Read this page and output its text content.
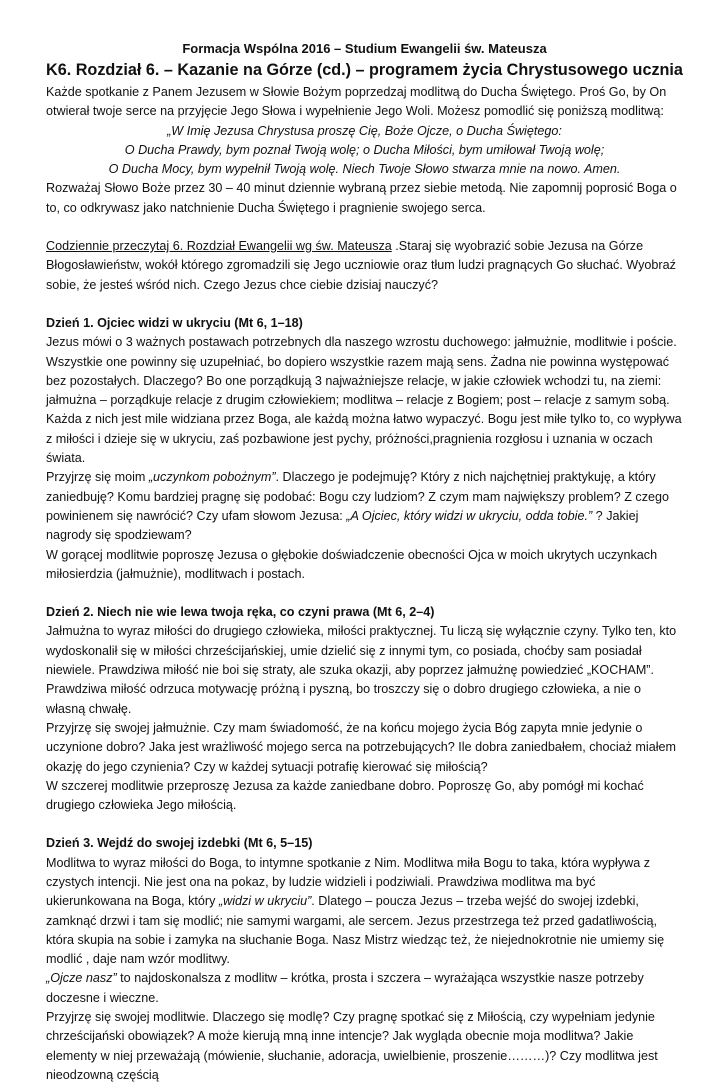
Formacja Wspólna 2016 – Studium Ewangelii św. Mateusza

K6. Rozdział 6. – Kazanie na Górze (cd.) – programem życia Chrystusowego ucznia

Każde spotkanie z Panem Jezusem w Słowie Bożym poprzedzaj modlitwą do Ducha Świętego. Proś Go, by On otwierał twoje serce na przyjęcie Jego Słowa i wypełnienie Jego Woli. Możesz pomodlić się poniższą modlitwą:

„W Imię Jezusa Chrystusa proszę Cię, Boże Ojcze, o Ducha Świętego:

O Ducha Prawdy, bym poznał Twoją wolę; o Ducha Miłości, bym umiłował Twoją wolę;

O Ducha Mocy, bym wypełnił Twoją wolę. Niech Twoje Słowo stwarza mnie na nowo. Amen.

Rozważaj Słowo Boże przez 30 – 40 minut dziennie wybraną przez siebie metodą. Nie zapomnij poprosić Boga o to, co odkrywasz jako natchnienie Ducha Świętego i pragnienie swojego serca.

Codziennie przeczytaj 6. Rozdział Ewangelii wg św. Mateusza .Staraj się wyobrazić sobie Jezusa na Górze Błogosławieństw, wokół którego zgromadzili się Jego uczniowie oraz tłum ludzi pragnących Go słuchać. Wyobraź sobie, że jesteś wśród nich. Czego Jezus chce ciebie dzisiaj nauczyć?

Dzień 1. Ojciec widzi w ukryciu (Mt 6, 1–18)

Jezus mówi o 3 ważnych postawach potrzebnych dla naszego wzrostu duchowego: jałmużnie, modlitwie i poście. Wszystkie one powinny się uzupełniać, bo dopiero wszystkie razem mają sens. Żadna nie powinna występować bez pozostałych. Dlaczego? Bo one porządkują 3 najważniejsze relacje, w jakie człowiek wchodzi tu, na ziemi: jałmużna – porządkuje relacje z drugim człowiekiem; modlitwa – relacje z Bogiem; post – relacje z samym sobą. Każda z nich jest mile widziana przez Boga, ale każdą można łatwo wypaczyć. Bogu jest miłe tylko to, co wypływa z miłości i dzieje się w ukryciu, zaś pozbawione jest pychy, próżności,pragnienia rozgłosu i uznania w oczach świata.

Przyjrzę się moim „uczynkom pobożnym”. Dlaczego je podejmuję? Który z nich najchętniej praktykuję, a który zaniedbuję? Komu bardziej pragnę się podobać: Bogu czy ludziom? Z czym mam największy problem? Z czego powinienem się nawrócić? Czy ufam słowom Jezusa: „A Ojciec, który widzi w ukryciu, odda tobie.” ? Jakiej nagrody się spodziewam?

W gorącej modlitwie poproszę Jezusa o głębokie doświadczenie obecności Ojca w moich ukrytych uczynkach miłosierdzia (jałmużnie), modlitwach i postach.

Dzień 2. Niech nie wie lewa twoja ręka, co czyni prawa (Mt 6, 2–4)

Jałmużna to wyraz miłości do drugiego człowieka, miłości praktycznej. Tu liczą się wyłącznie czyny. Tylko ten, kto wydoskonalił się w miłości chrześcijańskiej, umie dzielić się z innymi tym, co posiada, choćby sam posiadał niewiele. Prawdziwa miłość nie boi się straty, ale szuka okazji, aby poprzez jałmużnę powiedzieć „KOCHAM”. Prawdziwa miłość odrzuca motywację próżną i pyszną, bo troszczy się o dobro drugiego człowieka, a nie o własną chwałę.

Przyjrzę się swojej jałmużnie. Czy mam świadomość, że na końcu mojego życia Bóg zapyta mnie jedynie o uczynione dobro? Jaka jest wrażliwość mojego serca na potrzebujących? Ile dobra zaniedbałem, chociaż miałem okazję do jego czynienia? Czy w każdej sytuacji potrafię kierować się miłością?

W szczerej modlitwie przeproszę Jezusa za każde zaniedbane dobro. Poproszę Go, aby pomógł mi kochać drugiego człowieka Jego miłością.

Dzień 3. Wejdź do swojej izdebki (Mt 6, 5–15)

Modlitwa to wyraz miłości do Boga, to intymne spotkanie z Nim. Modlitwa miła Bogu to taka, która wypływa z czystych intencji. Nie jest ona na pokaz, by ludzie widzieli i podziwiali. Prawdziwa modlitwa ma być ukierunkowana na Boga, który „widzi w ukryciu”. Dlatego – poucza Jezus – trzeba wejść do swojej izdebki, zamknąć drzwi i tam się modlić; nie samymi wargami, ale sercem. Jezus przestrzega też przed gadatliwością, która skupia na sobie i zamyka na słuchanie Boga. Nasz Mistrz wiedząc też, że niejednokrotnie nie umiemy się modlić , daje nam wzór modlitwy.

„Ojcze nasz” to najdoskonalsza z modlitw – krótka, prosta i szczera – wyrażająca wszystkie nasze potrzeby doczesne i wieczne.

Przyjrzę się swojej modlitwie. Dlaczego się modlę? Czy pragnę spotkać się z Miłością, czy wypełniam jedynie chrześcijański obowiązek? A może kierują mną inne intencje? Jak wygląda obecnie moja modlitwa? Jakie elementy w niej przeważają (mówienie, słuchanie, adoracja, uwielbienie, proszenie………)? Czy modlitwa jest nieodzowną częścią
